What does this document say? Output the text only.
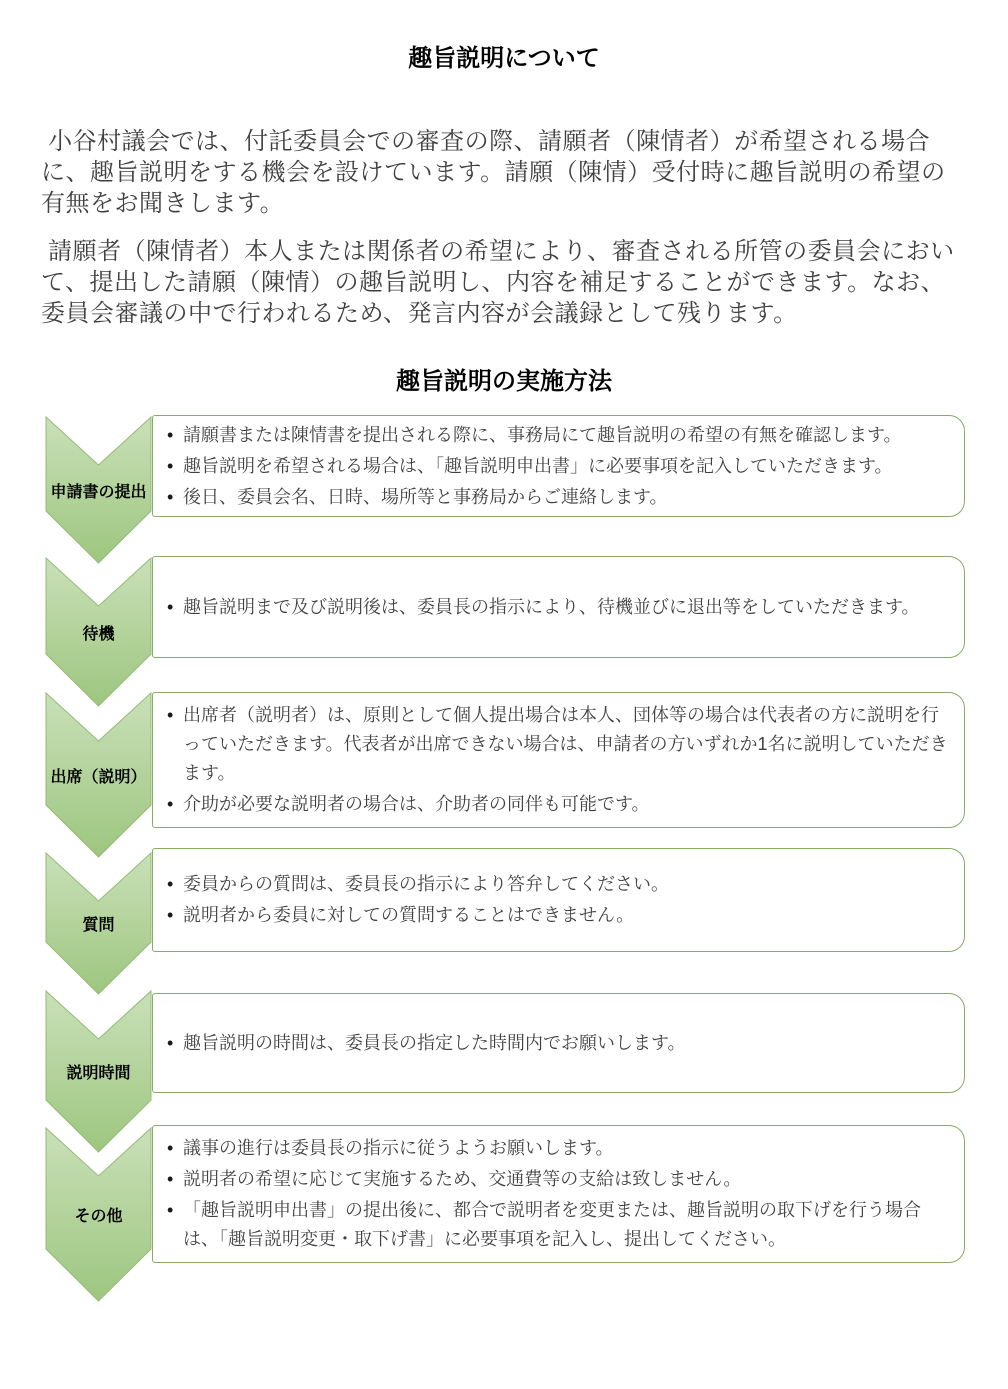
趣旨説明について

小谷村議会では、付託委員会での審査の際、請願者（陳情者）が希望される場合に、趣旨説明をする機会を設けています。請願（陳情）受付時に趣旨説明の希望の有無をお聞きします。

請願者（陳情者）本人または関係者の希望により、審査される所管の委員会において、提出した請願（陳情）の趣旨説明し、内容を補足することができます。なお、委員会審議の中で行われるため、発言内容が会議録として残ります。

趣旨説明の実施方法
申請書の提出
• 請願書または陳情書を提出される際に、事務局にて趣旨説明の希望の有無を確認します。
• 趣旨説明を希望される場合は、「趣旨説明申出書」に必要事項を記入していただきます。
• 後日、委員会名、日時、場所等と事務局からご連絡します。
待機
• 趣旨説明まで及び説明後は、委員長の指示により、待機並びに退出等をしていただきます。
出席（説明）
• 出席者（説明者）は、原則として個人提出場合は本人、団体等の場合は代表者の方に説明を行っていただきます。代表者が出席できない場合は、申請者の方いずれか1名に説明していただきます。
• 介助が必要な説明者の場合は、介助者の同伴も可能です。
質問
• 委員からの質問は、委員長の指示により答弁してください。
• 説明者から委員に対しての質問することはできません。
説明時間
• 趣旨説明の時間は、委員長の指定した時間内でお願いします。
その他
• 議事の進行は委員長の指示に従うようお願いします。
• 説明者の希望に応じて実施するため、交通費等の支給は致しません。
• 「趣旨説明申出書」の提出後に、都合で説明者を変更または、趣旨説明の取下げを行う場合は、「趣旨説明変更・取下げ書」に必要事項を記入し、提出してください。
